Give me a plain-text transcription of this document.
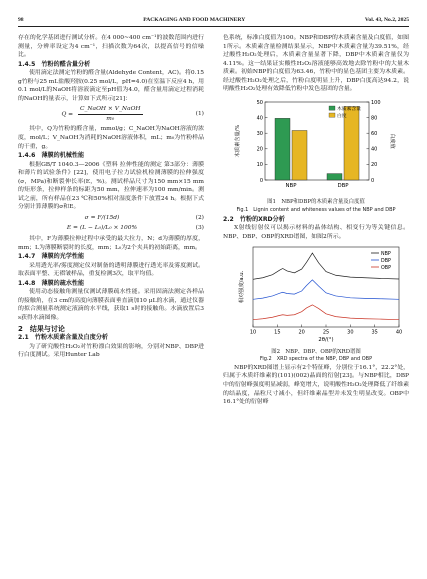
98	PACKAGING AND FOOD MACHINERY	Vol. 43, No.2, 2025

存在的化学基团进行测试分析。在4 000~400 cm⁻¹的波数范围内进行测量，分辨率设定为4 cm⁻¹，扫描次数为64次，以提高信号的信噪比。

1.4.5　竹粉的醛含量分析

使用滴定法测定竹粉的醛含量(Aldehyde Content，AC)。将0.15 g竹粉与25 mL盐酸羟胺(0.25 mol/L，pH=4.0)在室温下反应4 h，用0.1 mol/L的NaOH将溶液滴定至pH值为4.0，醛含量用滴定过程消耗的NaOH的量表示，计算如下式所示[21]：

$Q = \frac{\text{C\_NaOH × V\_NaOH}}{\text{m₀}}$	(1)

其中，Q为竹粉的醛含量，mmol/g；C_NaOH为NaOH溶液的浓度，mol/L；V_NaOH为消耗的NaOH溶液体积，mL；m₀为竹粉样品的干重，g。

1.4.6　薄膜的机械性能

根据GB/T 1040.3—2006《塑料 拉伸性能的测定 第3部分：薄膜和薄片的试验条件》[22]，使用电子拉力试验机检测薄膜的拉伸强度(σ，MPa)和断裂伸长率(E，%)。测试样品尺寸为150 mm×15 mm的矩形条，拉伸样条的标距为50 mm，拉伸速率为100 mm/min。测试之前，所有样品在23 ℃和50%相对湿度条件下放置24 h。根据下式分别计算薄膜的σ和E。

σ = F/(15d)	(2)
E = (L − L₀)/L₀ × 100%	(3)

其中，F为薄膜拉伸过程中承受的最大拉力，N；d为薄膜的厚度，mm；L为薄膜断裂时的长度，mm；L₀为2个夹具的初始距离，mm。

1.4.7　薄膜的光学性能

采用透光率/雾度测定仪对制备的透明薄膜进行透光率及雾度测试。取表面平整、无褶皱样品，重复检测3次，取平均值。

1.4.8　薄膜的疏水性能

使用动态接触角测量仪测试薄膜疏水性能。采用固滴法测定各样品的接触角，在3 cm的高度向薄膜表面垂直滴加10 μL的水滴，通过仪器的拟合测量系统测定液滴的水平线，获取1 s时的接触角。水滴放置后3 s获得水滴图像。

2　结果与讨论
2.1　竹粉木质素含量及白度分析

为了研究酸性H₂O₂对竹粉漂白效果的影响，分别对NBP、DBP进行白度测试。采用Hunter Lab

色系统，标准白度值为100。NBP和DBP的木质素含量及白度值，如图1所示。木质素含量检测结果显示，NBP中木质素含量为39.51%，经过酸性H₂O₂处理后，木质素含量显著下降，DBP中木质素含量仅为4.11%。这一结果证实酸性H₂O₂溶液能够高效地去除竹粉中的大量木质素。初始NBP的白度值为63.46，竹粉中的显色基团主要为木质素。经过酸性H₂O₂处理之后，竹粉白度明显上升，DBP白度高达94.2，说明酸性H₂O₂处理有效降低竹粉中发色基团的含量。

0
10
20
30
40
50
0
20
40
60
80
100
木质素含量/%	白度值
NBP	DBP
木质素含量
白度
图1　NBP和DBP的木质素含量及白度值
Fig.1　Lignin content and whiteness values of the NBP and DBP
2.2　竹粉的XRD分析

X射线衍射仪可以揭示材料的晶体结构、相变行为等关键信息。NBP、DBP、OBP的XRD谱图，如图2所示。

10	15	20	25	30	35	40
2θ/(°)
相对强度/a.u.
NBP
DBP
OBP
图2　NBP、DBP、OBP的XRD谱图
Fig.2　XRD spectra of the NBP, DBP and OBP

NBP的XRD图谱上显示有2个特征峰，分别位于16.1°，22.2°处，归属于木质纤维素的(101)(002)晶面的衍射[23]。与NBP相比，DBP中的衍射峰强度明显减弱，峰宽增大，说明酸性H₂O₂处理降低了纤维素的结晶度，晶粒尺寸减小，但纤维素晶型并未发生明显改变。OBP中16.1°处的衍射峰
